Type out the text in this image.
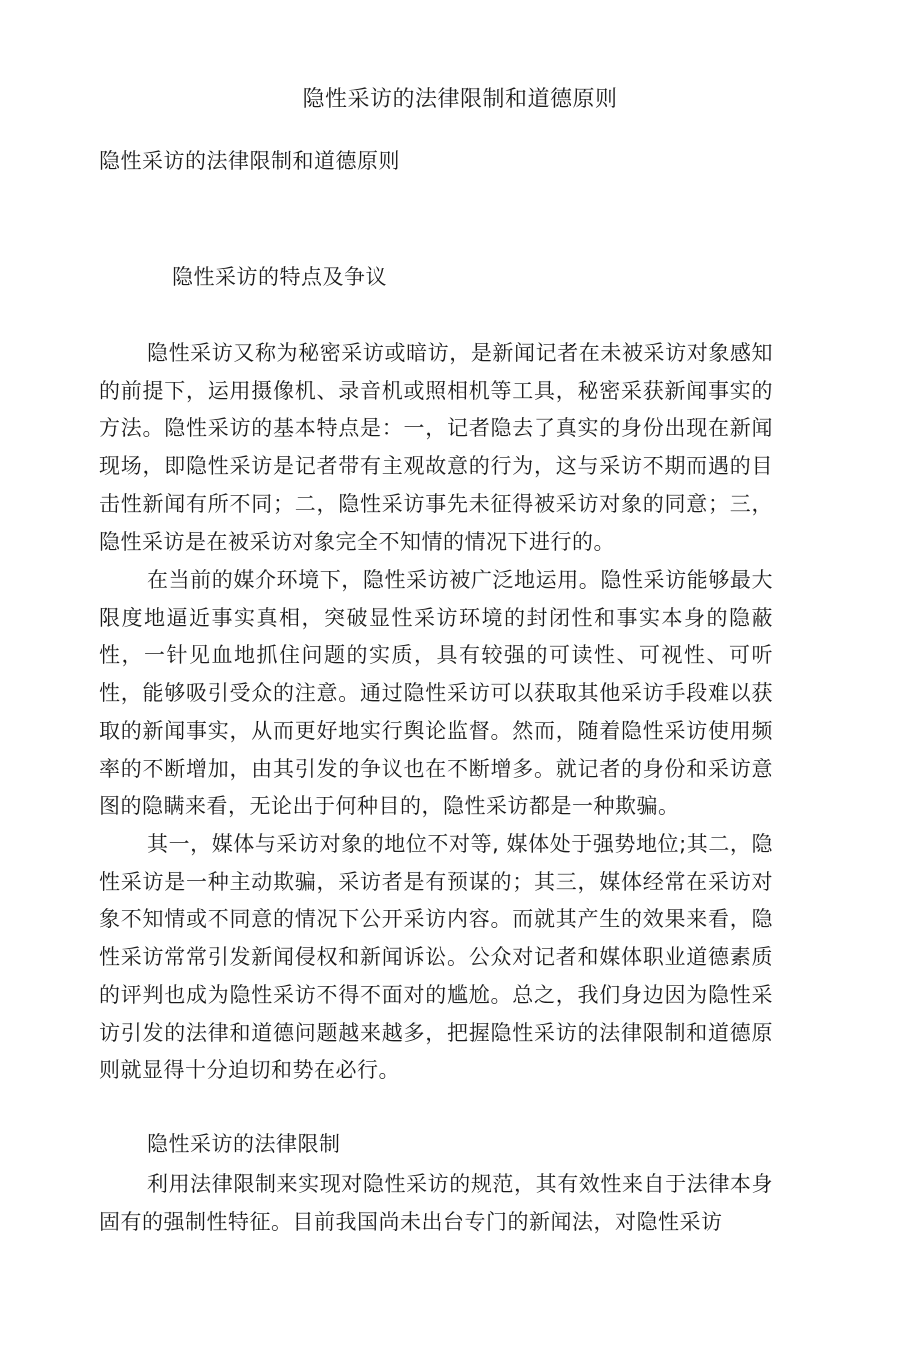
隐性采访的法律限制和道德原则
隐性采访的法律限制和道德原则
隐性采访的特点及争议

隐性采访又称为秘密采访或暗访，是新闻记者在未被采访对象感知的前提下，运用摄像机、录音机或照相机等工具，秘密采获新闻事实的方法。隐性采访的基本特点是：一，记者隐去了真实的身份出现在新闻现场，即隐性采访是记者带有主观故意的行为，这与采访不期而遇的目击性新闻有所不同；二，隐性采访事先未征得被采访对象的同意；三，隐性采访是在被采访对象完全不知情的情况下进行的。

在当前的媒介环境下，隐性采访被广泛地运用。隐性采访能够最大限度地逼近事实真相，突破显性采访环境的封闭性和事实本身的隐蔽性，一针见血地抓住问题的实质，具有较强的可读性、可视性、可听性，能够吸引受众的注意。通过隐性采访可以获取其他采访手段难以获取的新闻事实，从而更好地实行舆论监督。然而，随着隐性采访使用频率的不断增加，由其引发的争议也在不断增多。就记者的身份和采访意图的隐瞒来看，无论出于何种目的，隐性采访都是一种欺骗。

其一，媒体与采访对象的地位不对等, 媒体处于强势地位;其二，隐性采访是一种主动欺骗，采访者是有预谋的；其三，媒体经常在采访对象不知情或不同意的情况下公开采访内容。而就其产生的效果来看，隐性采访常常引发新闻侵权和新闻诉讼。公众对记者和媒体职业道德素质的评判也成为隐性采访不得不面对的尴尬。总之，我们身边因为隐性采访引发的法律和道德问题越来越多，把握隐性采访的法律限制和道德原则就显得十分迫切和势在必行。

隐性采访的法律限制

利用法律限制来实现对隐性采访的规范，其有效性来自于法律本身固有的强制性特征。目前我国尚未出台专门的新闻法，对隐性采访
